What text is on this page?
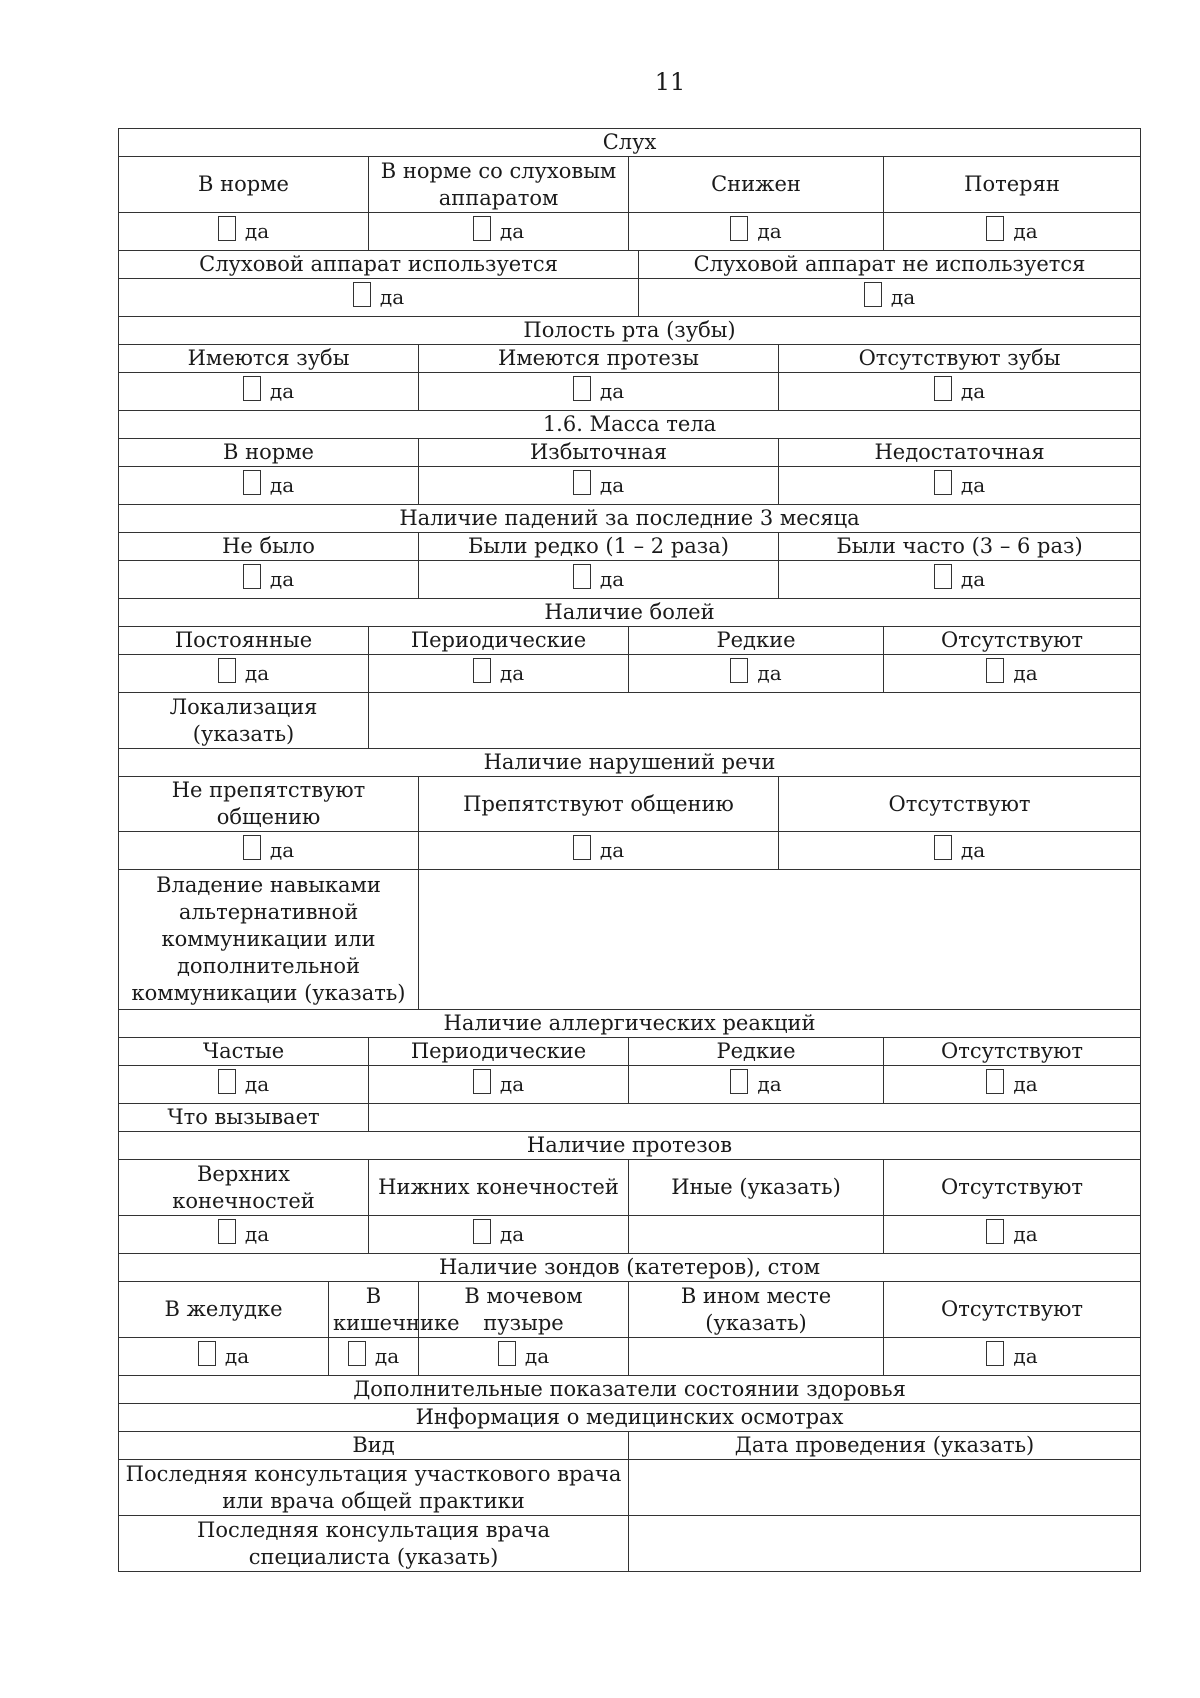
11
Слух							
В норме		В норме со слуховым аппаратом		Снижен			Потерян

да		да		да			да

Слуховой аппарат используется					Слуховой аппарат не используется		

да					да		

Полость рта (зубы)							
Имеются зубы			Имеются протезы			Отсутствуют зубы	

да			да			да	

1.6. Масса тела							
В норме			Избыточная			Недостаточная	

да			да			да	

Наличие падений за последние 3 месяца							
Не было			Были редко (1 – 2 раза)			Были часто (3 – 6 раз)	

да			да			да	

Наличие болей							
Постоянные		Периодические		Редкие			Отсутствуют

да		да		да			да

Локализация (указать)							
Наличие нарушений речи							
Не препятствуют общению			Препятствуют общению			Отсутствуют	

да			да			да	

Владение навыками альтернативной коммуникации или дополнительной коммуникации (указать)							
Наличие аллергических реакций							
Частые		Периодические		Редкие			Отсутствуют

да		да		да			да

Что вызывает							
Наличие протезов							
Верхних конечностей		Нижних конечностей		Иные (указать)			Отсутствуют

да		да					да

Наличие зондов (катетеров), стом							
В желудке	В кишечнике		В мочевом пузыре	В ином месте (указать)			Отсутствуют

да	да		да				да

Дополнительные показатели состоянии здоровья							
Информация о медицинских осмотрах							
Вид				Дата проведения (указать)			
Последняя консультация участкового врача или врача общей практики							
Последняя консультация врача специалиста (указать)							
